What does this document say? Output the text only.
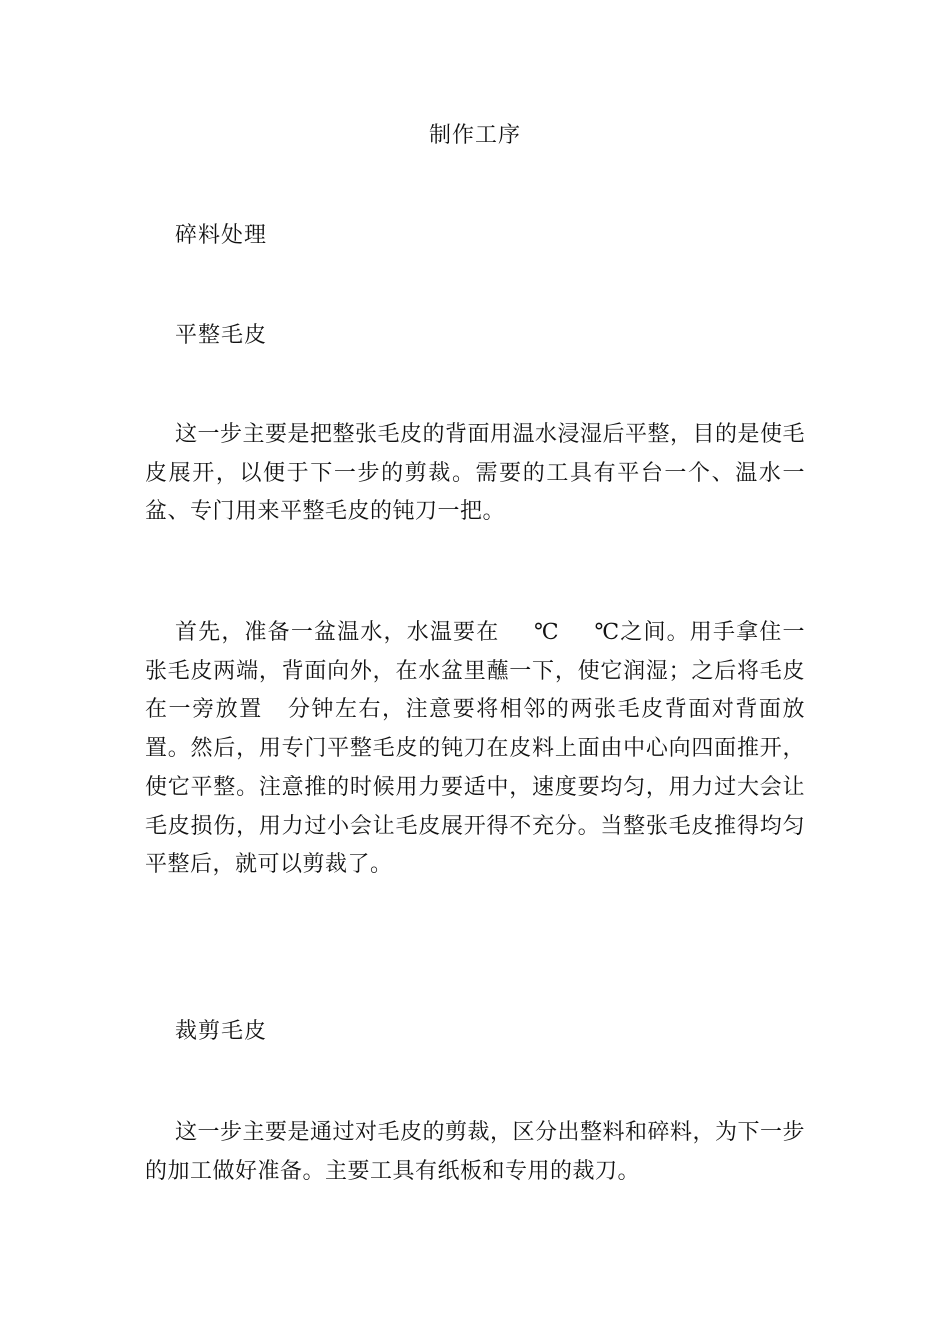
制作工序
碎料处理
平整毛皮
这一步主要是把整张毛皮的背面用温水浸湿后平整，目的是使毛皮展开，以便于下一步的剪裁。需要的工具有平台一个、温水一盆、专门用来平整毛皮的钝刀一把。
首先，准备一盆温水，水温要在 ℃ ℃之间。用手拿住一张毛皮两端，背面向外，在水盆里蘸一下，使它润湿；之后将毛皮在一旁放置 分钟左右，注意要将相邻的两张毛皮背面对背面放置。然后，用专门平整毛皮的钝刀在皮料上面由中心向四面推开，使它平整。注意推的时候用力要适中，速度要均匀，用力过大会让毛皮损伤，用力过小会让毛皮展开得不充分。当整张毛皮推得均匀平整后，就可以剪裁了。
裁剪毛皮
这一步主要是通过对毛皮的剪裁，区分出整料和碎料，为下一步的加工做好准备。主要工具有纸板和专用的裁刀。
